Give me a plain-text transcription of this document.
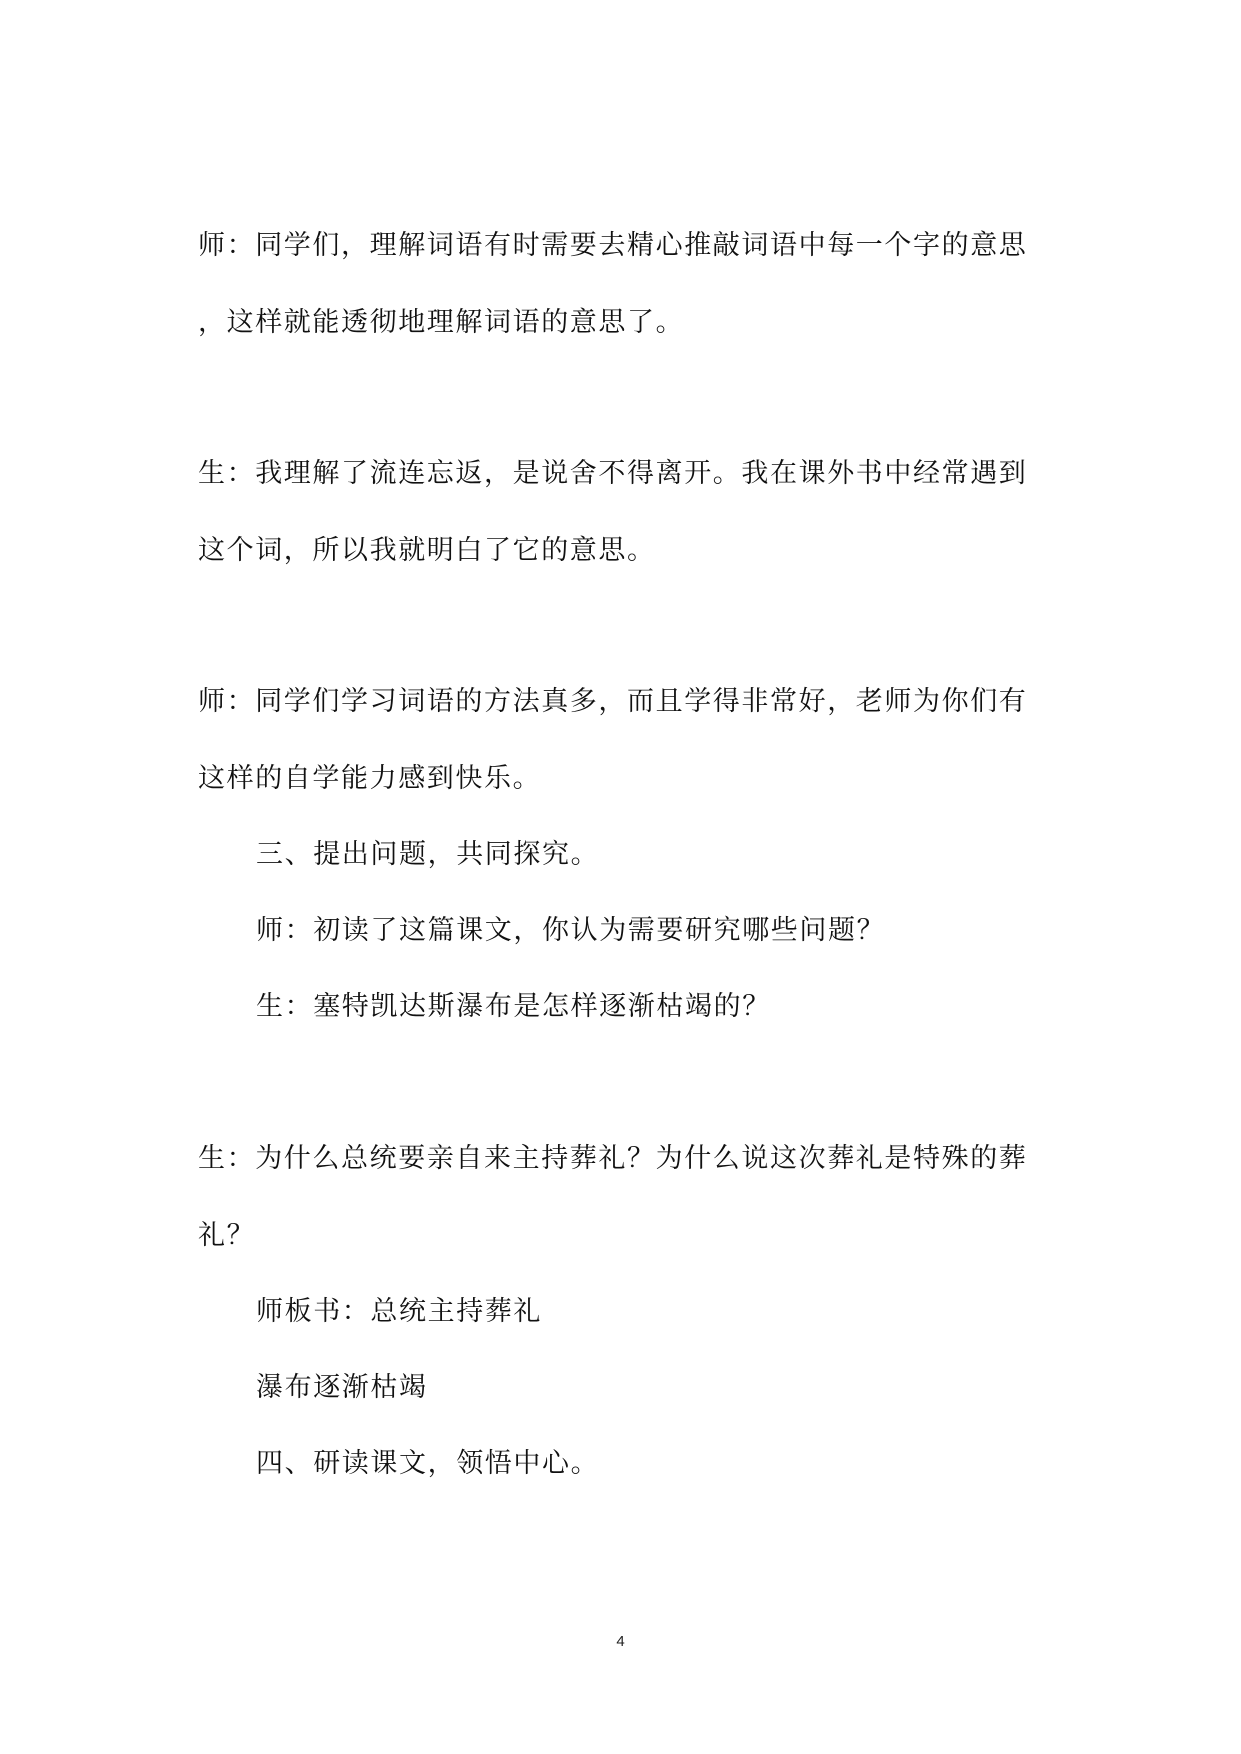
师：同学们，理解词语有时需要去精心推敲词语中每一个字的意思
，这样就能透彻地理解词语的意思了。
生：我理解了流连忘返，是说舍不得离开。我在课外书中经常遇到
这个词，所以我就明白了它的意思。
师：同学们学习词语的方法真多，而且学得非常好，老师为你们有
这样的自学能力感到快乐。
三、提出问题，共同探究。
师：初读了这篇课文，你认为需要研究哪些问题？
生：塞特凯达斯瀑布是怎样逐渐枯竭的？
生：为什么总统要亲自来主持葬礼？为什么说这次葬礼是特殊的葬
礼？
师板书：总统主持葬礼
瀑布逐渐枯竭
四、研读课文，领悟中心。
4
